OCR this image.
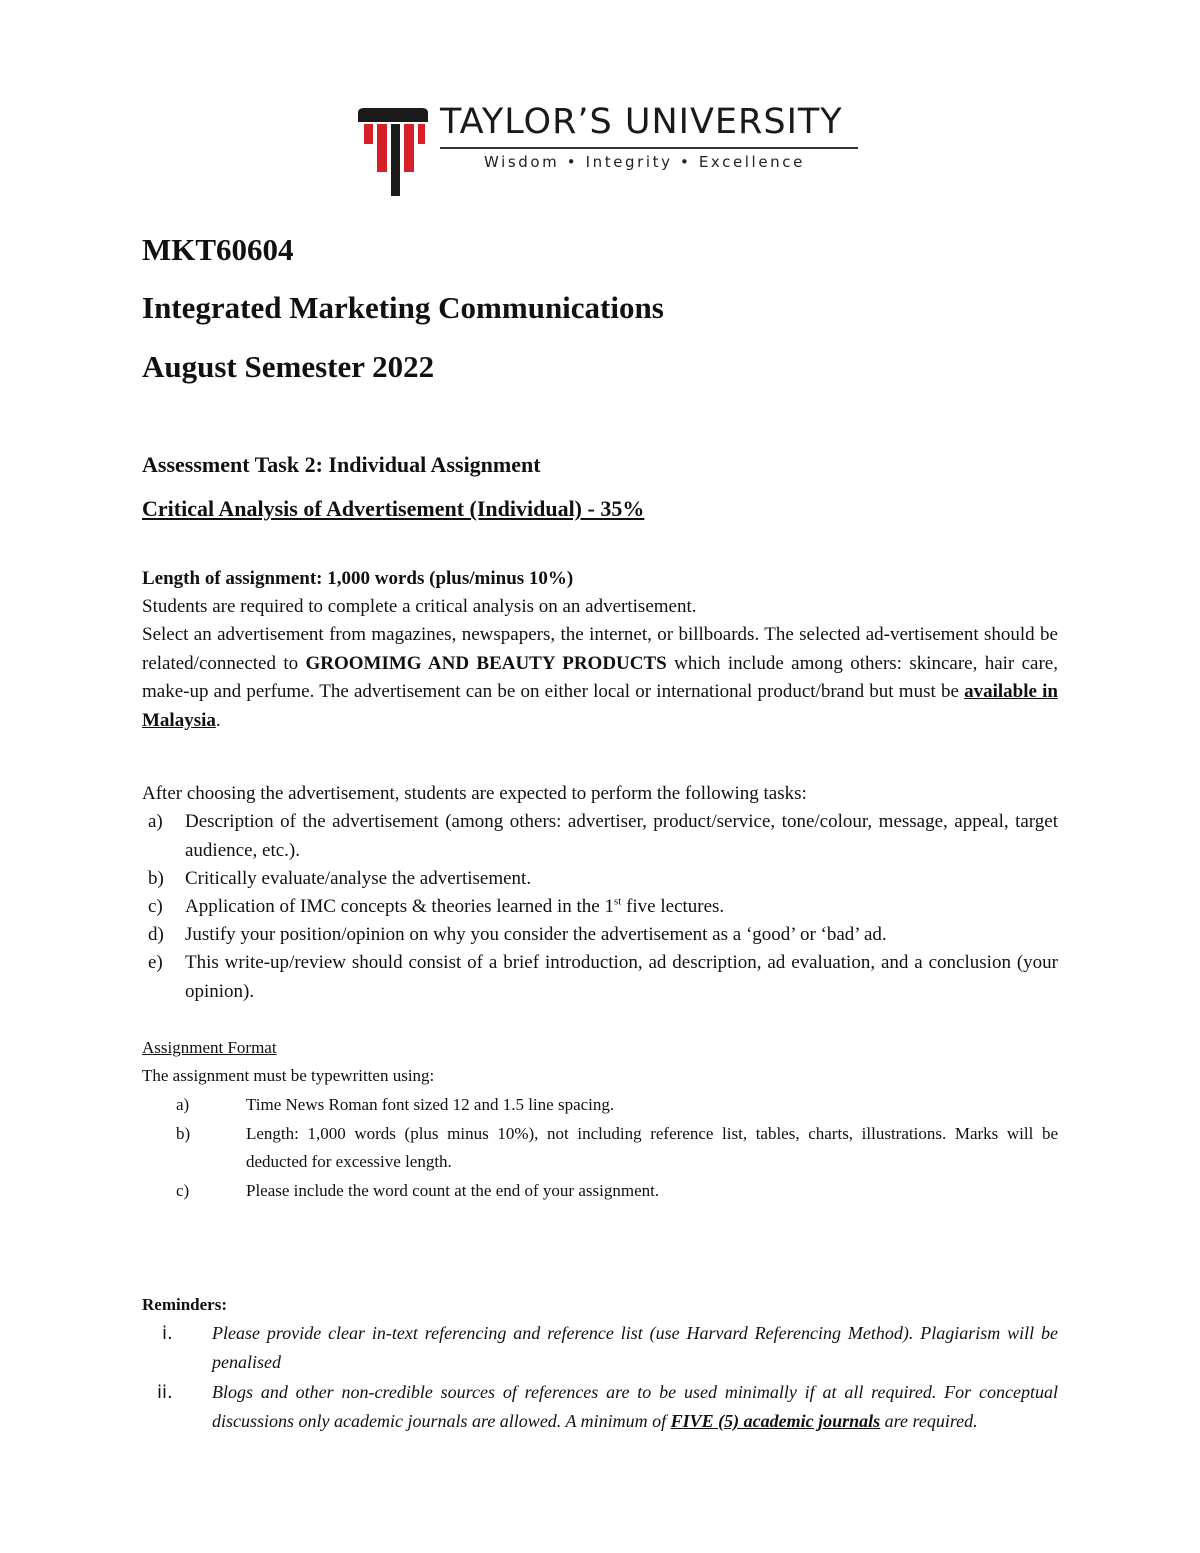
TAYLOR’S UNIVERSITY
Wisdom • Integrity • Excellence
MKT60604
Integrated Marketing Communications
August Semester 2022
Assessment Task 2: Individual Assignment
Critical Analysis of Advertisement (Individual) - 35%
Length of assignment: 1,000 words (plus/minus 10%)
Students are required to complete a critical analysis on an advertisement.
Select an advertisement from magazines, newspapers, the internet, or billboards. The selected ad-vertisement should be related/connected to GROOMIMG AND BEAUTY PRODUCTS which include among others: skincare, hair care, make-up and perfume. The advertisement can be on either local or international product/brand but must be available in Malaysia.
After choosing the advertisement, students are expected to perform the following tasks:
a) Description of the advertisement (among others: advertiser, product/service, tone/colour, message, appeal, target audience, etc.).
b) Critically evaluate/analyse the advertisement.
c) Application of IMC concepts & theories learned in the 1st five lectures.
d) Justify your position/opinion on why you consider the advertisement as a ‘good’ or ‘bad’ ad.
e) This write-up/review should consist of a brief introduction, ad description, ad evaluation, and a conclusion (your opinion).
Assignment Format
The assignment must be typewritten using:
a)	Time News Roman font sized 12 and 1.5 line spacing.
b)	Length: 1,000 words (plus minus 10%), not including reference list, tables, charts, illustrations. Marks will be deducted for excessive length.
c)	Please include the word count at the end of your assignment.
Reminders:
i. Please provide clear in-text referencing and reference list (use Harvard Referencing Method). Plagiarism will be penalised
ii. Blogs and other non-credible sources of references are to be used minimally if at all required. For conceptual discussions only academic journals are allowed. A minimum of FIVE (5) academic journals are required.
